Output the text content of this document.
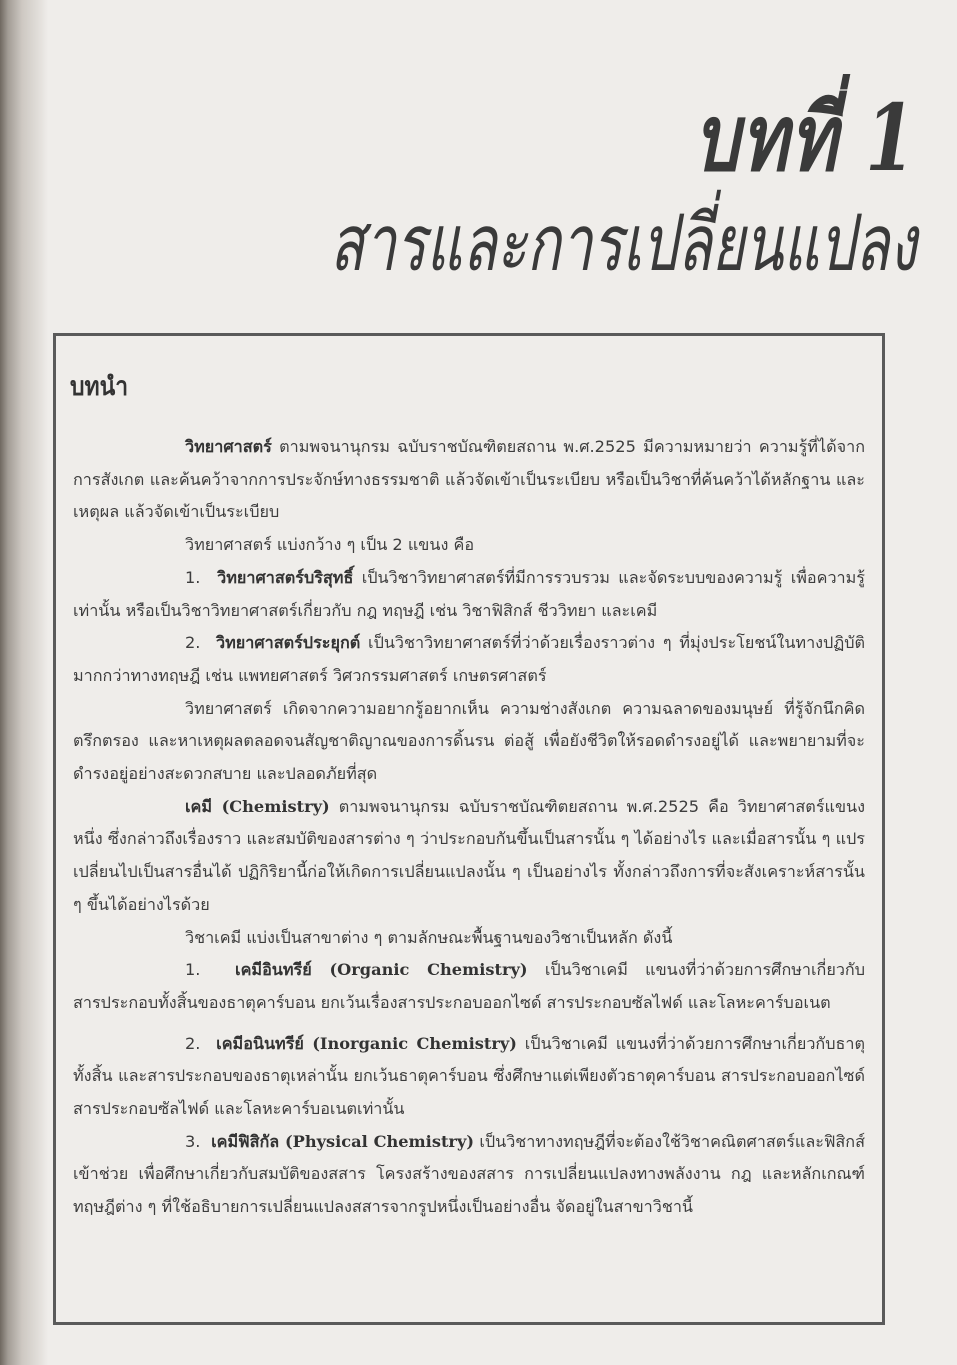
บทที่ 1
สารและการเปลี่ยนแปลง
บทนำ

วิทยาศาสตร์ ตามพจนานุกรม ฉบับราชบัณฑิตยสถาน พ.ศ.2525 มีความหมายว่า ความรู้ที่ได้จากการสังเกต และค้นคว้าจากการประจักษ์ทางธรรมชาติ แล้วจัดเข้าเป็นระเบียบ หรือเป็นวิชาที่ค้นคว้าได้หลักฐาน และเหตุผล แล้วจัดเข้าเป็นระเบียบ

วิทยาศาสตร์ แบ่งกว้าง ๆ เป็น 2 แขนง คือ

1. วิทยาศาสตร์บริสุทธิ์ เป็นวิชาวิทยาศาสตร์ที่มีการรวบรวม และจัดระบบของความรู้ เพื่อความรู้เท่านั้น หรือเป็นวิชาวิทยาศาสตร์เกี่ยวกับ กฎ ทฤษฎี เช่น วิชาฟิสิกส์ ชีววิทยา และเคมี

2. วิทยาศาสตร์ประยุกต์ เป็นวิชาวิทยาศาสตร์ที่ว่าด้วยเรื่องราวต่าง ๆ ที่มุ่งประโยชน์ในทางปฏิบัติมากกว่าทางทฤษฎี เช่น แพทยศาสตร์ วิศวกรรมศาสตร์ เกษตรศาสตร์

วิทยาศาสตร์ เกิดจากความอยากรู้อยากเห็น ความช่างสังเกต ความฉลาดของมนุษย์ ที่รู้จักนึกคิด ตรึกตรอง และหาเหตุผลตลอดจนสัญชาติญาณของการดิ้นรน ต่อสู้ เพื่อยังชีวิตให้รอดดำรงอยู่ได้ และพยายามที่จะดำรงอยู่อย่างสะดวกสบาย และปลอดภัยที่สุด

เคมี (Chemistry) ตามพจนานุกรม ฉบับราชบัณฑิตยสถาน พ.ศ.2525 คือ วิทยาศาสตร์แขนงหนึ่ง ซึ่งกล่าวถึงเรื่องราว และสมบัติของสารต่าง ๆ ว่าประกอบกันขึ้นเป็นสารนั้น ๆ ได้อย่างไร และเมื่อสารนั้น ๆ แปรเปลี่ยนไปเป็นสารอื่นได้ ปฏิกิริยานี้ก่อให้เกิดการเปลี่ยนแปลงนั้น ๆ เป็นอย่างไร ทั้งกล่าวถึงการที่จะสังเคราะห์สารนั้น ๆ ขึ้นได้อย่างไรด้วย

วิชาเคมี แบ่งเป็นสาขาต่าง ๆ ตามลักษณะพื้นฐานของวิชาเป็นหลัก ดังนี้

1. เคมีอินทรีย์ (Organic Chemistry) เป็นวิชาเคมี แขนงที่ว่าด้วยการศึกษาเกี่ยวกับสารประกอบทั้งสิ้นของธาตุคาร์บอน ยกเว้นเรื่องสารประกอบออกไซด์ สารประกอบซัลไฟด์ และโลหะคาร์บอเนต

2. เคมีอนินทรีย์ (Inorganic Chemistry) เป็นวิชาเคมี แขนงที่ว่าด้วยการศึกษาเกี่ยวกับธาตุทั้งสิ้น และสารประกอบของธาตุเหล่านั้น ยกเว้นธาตุคาร์บอน ซึ่งศึกษาแต่เพียงตัวธาตุคาร์บอน สารประกอบออกไซด์ สารประกอบซัลไฟด์ และโลหะคาร์บอเนตเท่านั้น

3. เคมีฟิสิกัล (Physical Chemistry) เป็นวิชาทางทฤษฎีที่จะต้องใช้วิชาคณิตศาสตร์และฟิสิกส์เข้าช่วย เพื่อศึกษาเกี่ยวกับสมบัติของสสาร โครงสร้างของสสาร การเปลี่ยนแปลงทางพลังงาน กฎ และหลักเกณฑ์ ทฤษฎีต่าง ๆ ที่ใช้อธิบายการเปลี่ยนแปลงสสารจากรูปหนึ่งเป็นอย่างอื่น จัดอยู่ในสาขาวิชานี้
